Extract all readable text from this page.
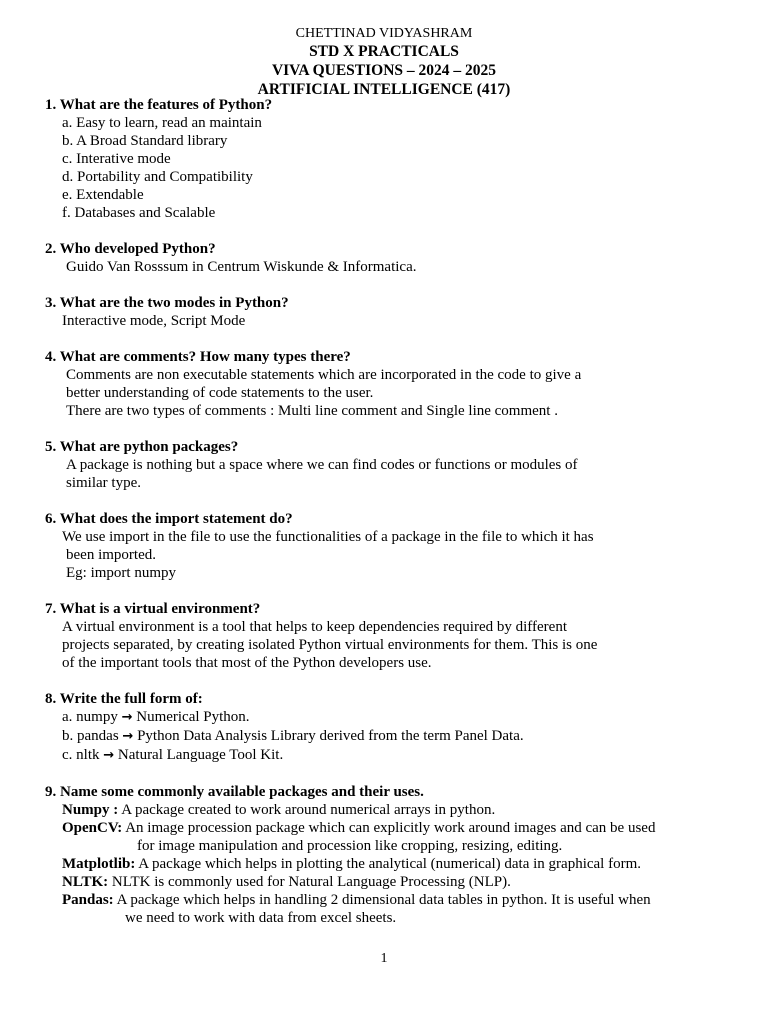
CHETTINAD VIDYASHRAM
STD X PRACTICALS
VIVA QUESTIONS – 2024 – 2025
ARTIFICIAL INTELLIGENCE (417)
1. What are the features of Python?
a. Easy to learn, read an maintain
b. A Broad Standard library
c. Interative mode
d. Portability and Compatibility
e. Extendable
f. Databases and Scalable
2. Who developed Python?
Guido Van Rosssum in Centrum Wiskunde & Informatica.
3. What are the two modes in Python?
Interactive mode, Script Mode
4. What are comments? How many types there?
Comments are non executable statements which are incorporated in the code to give a
better understanding of code statements to the user.
There are two types of comments : Multi line comment and Single line comment .
5. What are python packages?
A package is nothing but a space where we can find codes or functions or modules of
similar type.
6. What does the import statement do?
We use import in the file to use the functionalities of a package in the file to which it has
been imported.
Eg: import numpy
7. What is a virtual environment?
A virtual environment is a tool that helps to keep dependencies required by different
projects separated, by creating isolated Python virtual environments for them. This is one
of the important tools that most of the Python developers use.
8. Write the full form of:
a. numpy → Numerical Python.
b. pandas → Python Data Analysis Library derived from the term Panel Data.
c. nltk → Natural Language Tool Kit.
9. Name some commonly available packages and their uses.
Numpy : A package created to work around numerical arrays in python.
OpenCV: An image procession package which can explicitly work around images and can be used
for image manipulation and procession like cropping, resizing, editing.
Matplotlib: A package which helps in plotting the analytical (numerical) data in graphical form.
NLTK: NLTK is commonly used for Natural Language Processing (NLP).
Pandas: A package which helps in handling 2 dimensional data tables in python. It is useful when
we need to work with data from excel sheets.
1
